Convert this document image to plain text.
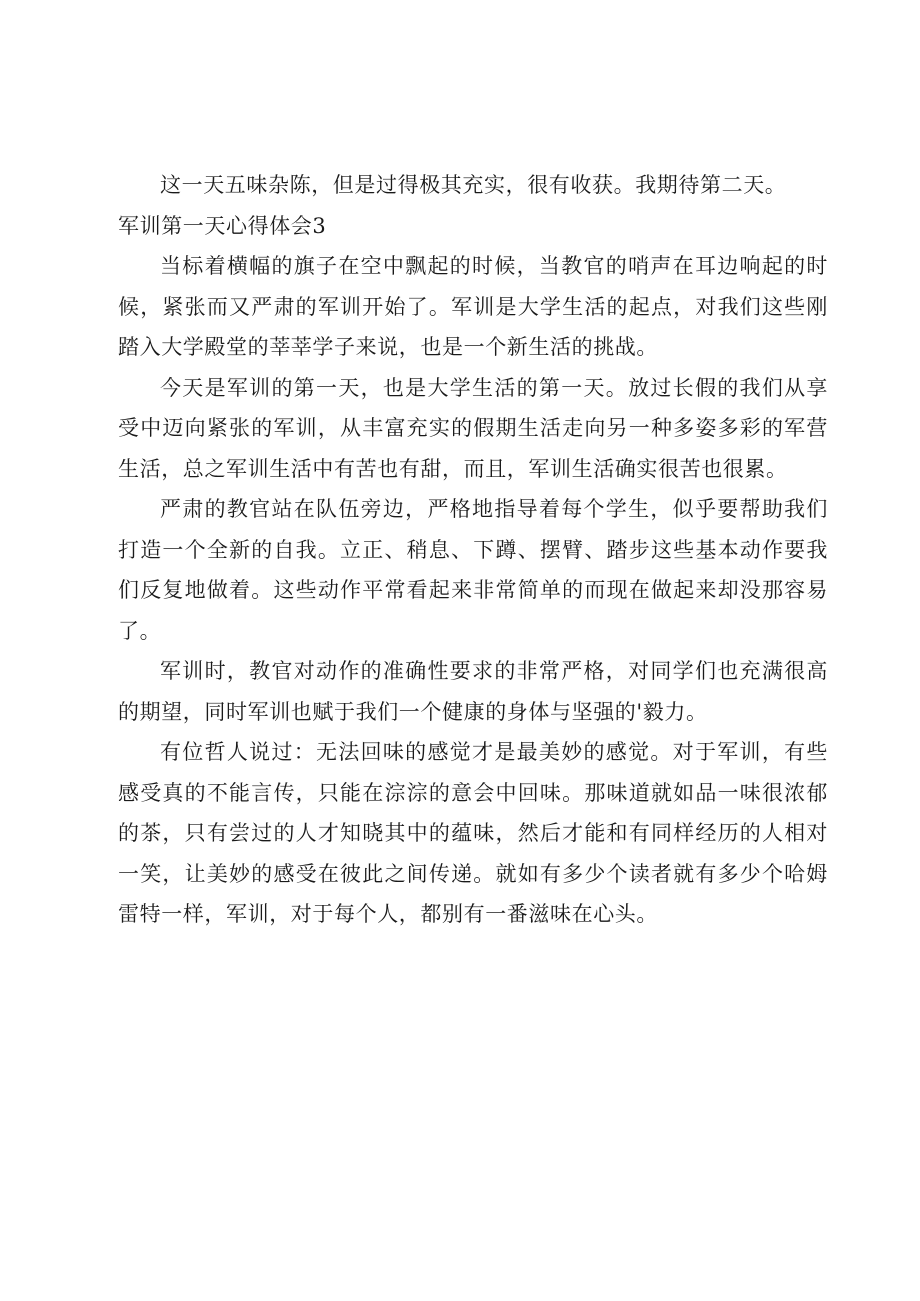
这一天五味杂陈，但是过得极其充实，很有收获。我期待第二天。

军训第一天心得体会3

当标着横幅的旗子在空中飘起的时候，当教官的哨声在耳边响起的时候，紧张而又严肃的军训开始了。军训是大学生活的起点，对我们这些刚踏入大学殿堂的莘莘学子来说，也是一个新生活的挑战。

今天是军训的第一天，也是大学生活的第一天。放过长假的我们从享受中迈向紧张的军训，从丰富充实的假期生活走向另一种多姿多彩的军营生活，总之军训生活中有苦也有甜，而且，军训生活确实很苦也很累。

严肃的教官站在队伍旁边，严格地指导着每个学生，似乎要帮助我们打造一个全新的自我。立正、稍息、下蹲、摆臂、踏步这些基本动作要我们反复地做着。这些动作平常看起来非常简单的而现在做起来却没那容易了。

军训时，教官对动作的准确性要求的非常严格，对同学们也充满很高的期望，同时军训也赋于我们一个健康的身体与坚强的'毅力。

有位哲人说过：无法回味的感觉才是最美妙的感觉。对于军训，有些感受真的不能言传，只能在淙淙的意会中回味。那味道就如品一味很浓郁的茶，只有尝过的人才知晓其中的蕴味，然后才能和有同样经历的人相对一笑，让美妙的感受在彼此之间传递。就如有多少个读者就有多少个哈姆雷特一样，军训，对于每个人，都别有一番滋味在心头。
